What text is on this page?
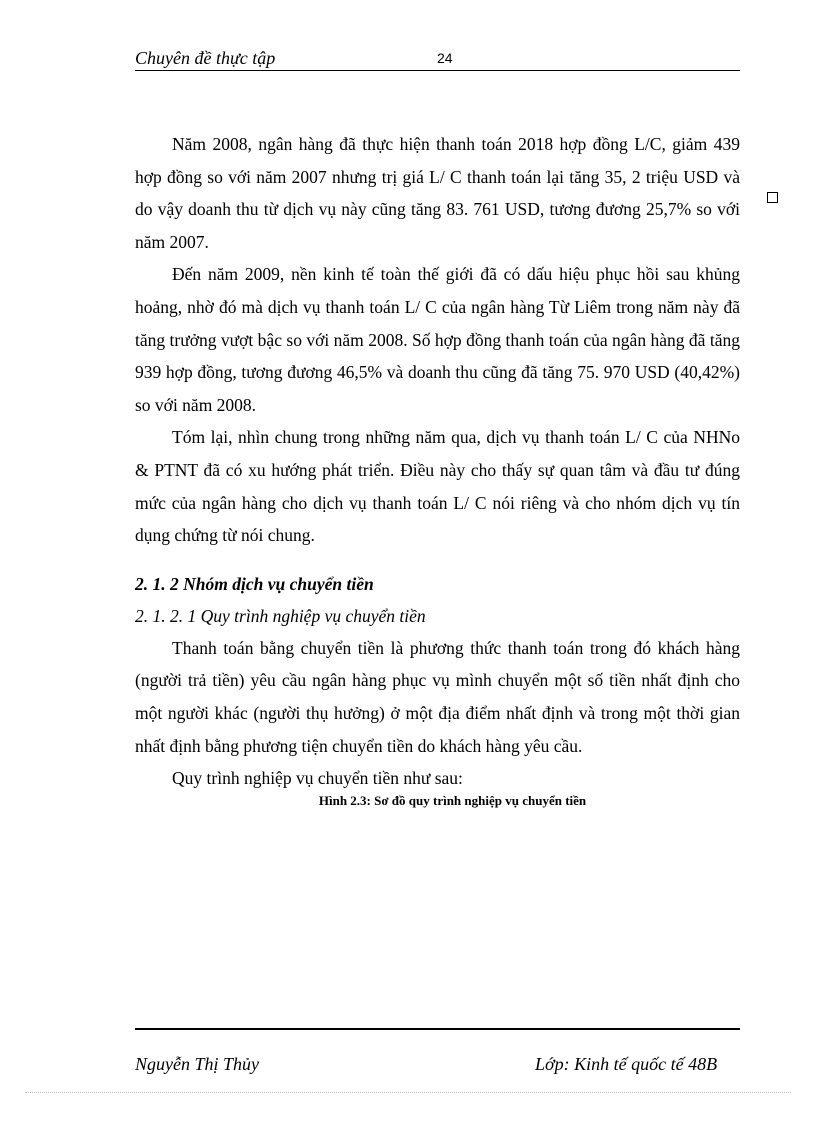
Chuyên đề thực tập	24

Năm 2008, ngân hàng đã thực hiện thanh toán 2018 hợp đồng L/C, giảm 439 hợp đồng so với năm 2007 nhưng trị giá L/ C thanh toán lại tăng 35, 2 triệu USD và do vậy doanh thu từ dịch vụ này cũng tăng 83. 761 USD, tương đương 25,7% so với năm 2007.

Đến năm 2009, nền kinh tế toàn thế giới đã có dấu hiệu phục hồi sau khủng hoảng, nhờ đó mà dịch vụ thanh toán L/ C của ngân hàng Từ Liêm trong năm này đã tăng trưởng vượt bậc so với năm 2008. Số hợp đồng thanh toán của ngân hàng đã tăng 939 hợp đồng, tương đương 46,5% và doanh thu cũng đã tăng 75. 970 USD (40,42%) so với năm 2008.

Tóm lại, nhìn chung trong những năm qua, dịch vụ thanh toán L/ C của NHNo & PTNT đã có xu hướng phát triển. Điều này cho thấy sự quan tâm và đầu tư đúng mức của ngân hàng cho dịch vụ thanh toán L/ C nói riêng và cho nhóm dịch vụ tín dụng chứng từ nói chung.

2. 1. 2 Nhóm dịch vụ chuyển tiền

2. 1. 2. 1 Quy trình nghiệp vụ chuyển tiền

Thanh toán bằng chuyển tiền là phương thức thanh toán trong đó khách hàng (người trả tiền) yêu cầu ngân hàng phục vụ mình chuyển một số tiền nhất định cho một người khác (người thụ hưởng) ở một địa điểm nhất định và trong một thời gian nhất định bằng phương tiện chuyển tiền do khách hàng yêu cầu.

Quy trình nghiệp vụ chuyển tiền như sau:

Hình 2.3: Sơ đồ quy trình nghiệp vụ chuyển tiền
Nguyễn Thị Thủy	Lớp: Kinh tế quốc tế 48B
